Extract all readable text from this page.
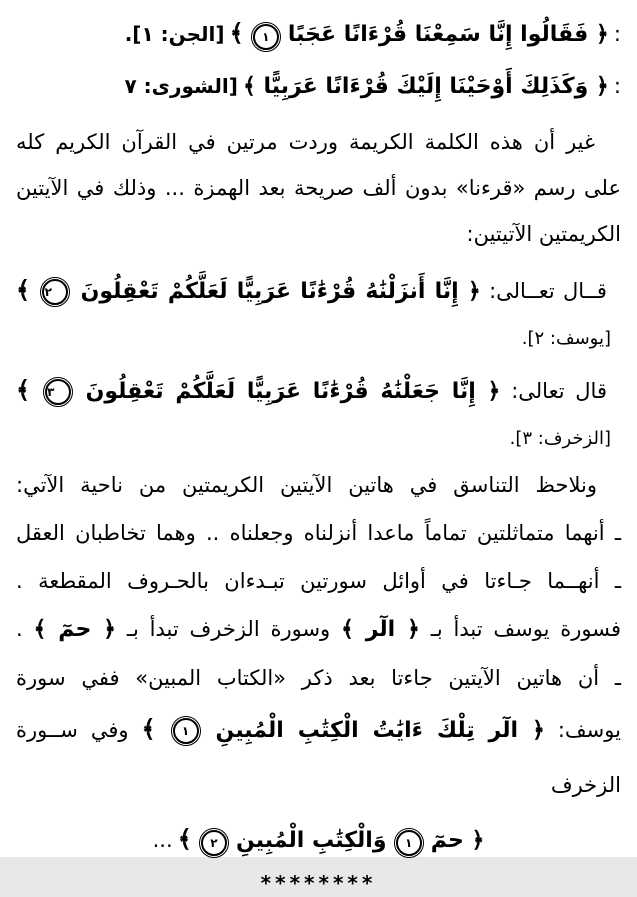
: ﴿ فَقَالُوا إِنَّا سَمِعْنَا قُرْءَانًا عَجَبًا
١
﴾ [الجن: ١].
: ﴿ وَكَذَلِكَ أَوْحَيْنَا إِلَيْكَ قُرْءَانًا عَرَبِيًّا ﴾ [الشورى: ٧

غير أن هذه الكلمة الكريمة وردت مرتين في القرآن الكريم كله على رسم «قرءنا» بدون ألف صريحة بعد الهمزة ... وذلك في الآيتين الكريمتين الآتيتين:

قــال تعــالى: ﴿ إِنَّا أَنزَلْنَٰهُ قُرْءَٰنًا عَرَبِيًّا لَعَلَّكُمْ تَعْقِلُونَ
٢
﴾
[يوسف: ٢].
قال تعالى: ﴿ إِنَّا جَعَلْنَٰهُ قُرْءَٰنًا عَرَبِيًّا لَعَلَّكُمْ تَعْقِلُونَ
٣
﴾
[الزخرف: ٣].
ونلاحظ التناسق في هاتين الآيتين الكريمتين من ناحية الآتي:
ـ أنهما متماثلتين تماماً ماعدا أنزلناه وجعلناه .. وهما تخاطبان العقل
ـ أنهــما جـاءتا في أوائل سورتين تبـدءان بالحـروف المقطعة .
فسورة يوسف تبدأ بـ ﴿ الٓر ﴾ وسورة الزخرف تبدأ بـ ﴿ حمٓ ﴾ .
ـ أن هاتين الآيتين جاءتا بعد ذكر «الكتاب المبين» ففي سورة
يوسف: ﴿ الٓر تِلْكَ ءَايَٰتُ الْكِتَٰبِ الْمُبِينِ
١
﴾ وفي ســورة الزخرف
﴿ حمٓ
١
وَالْكِتَٰبِ الْمُبِينِ
٢
﴾ ...
********
